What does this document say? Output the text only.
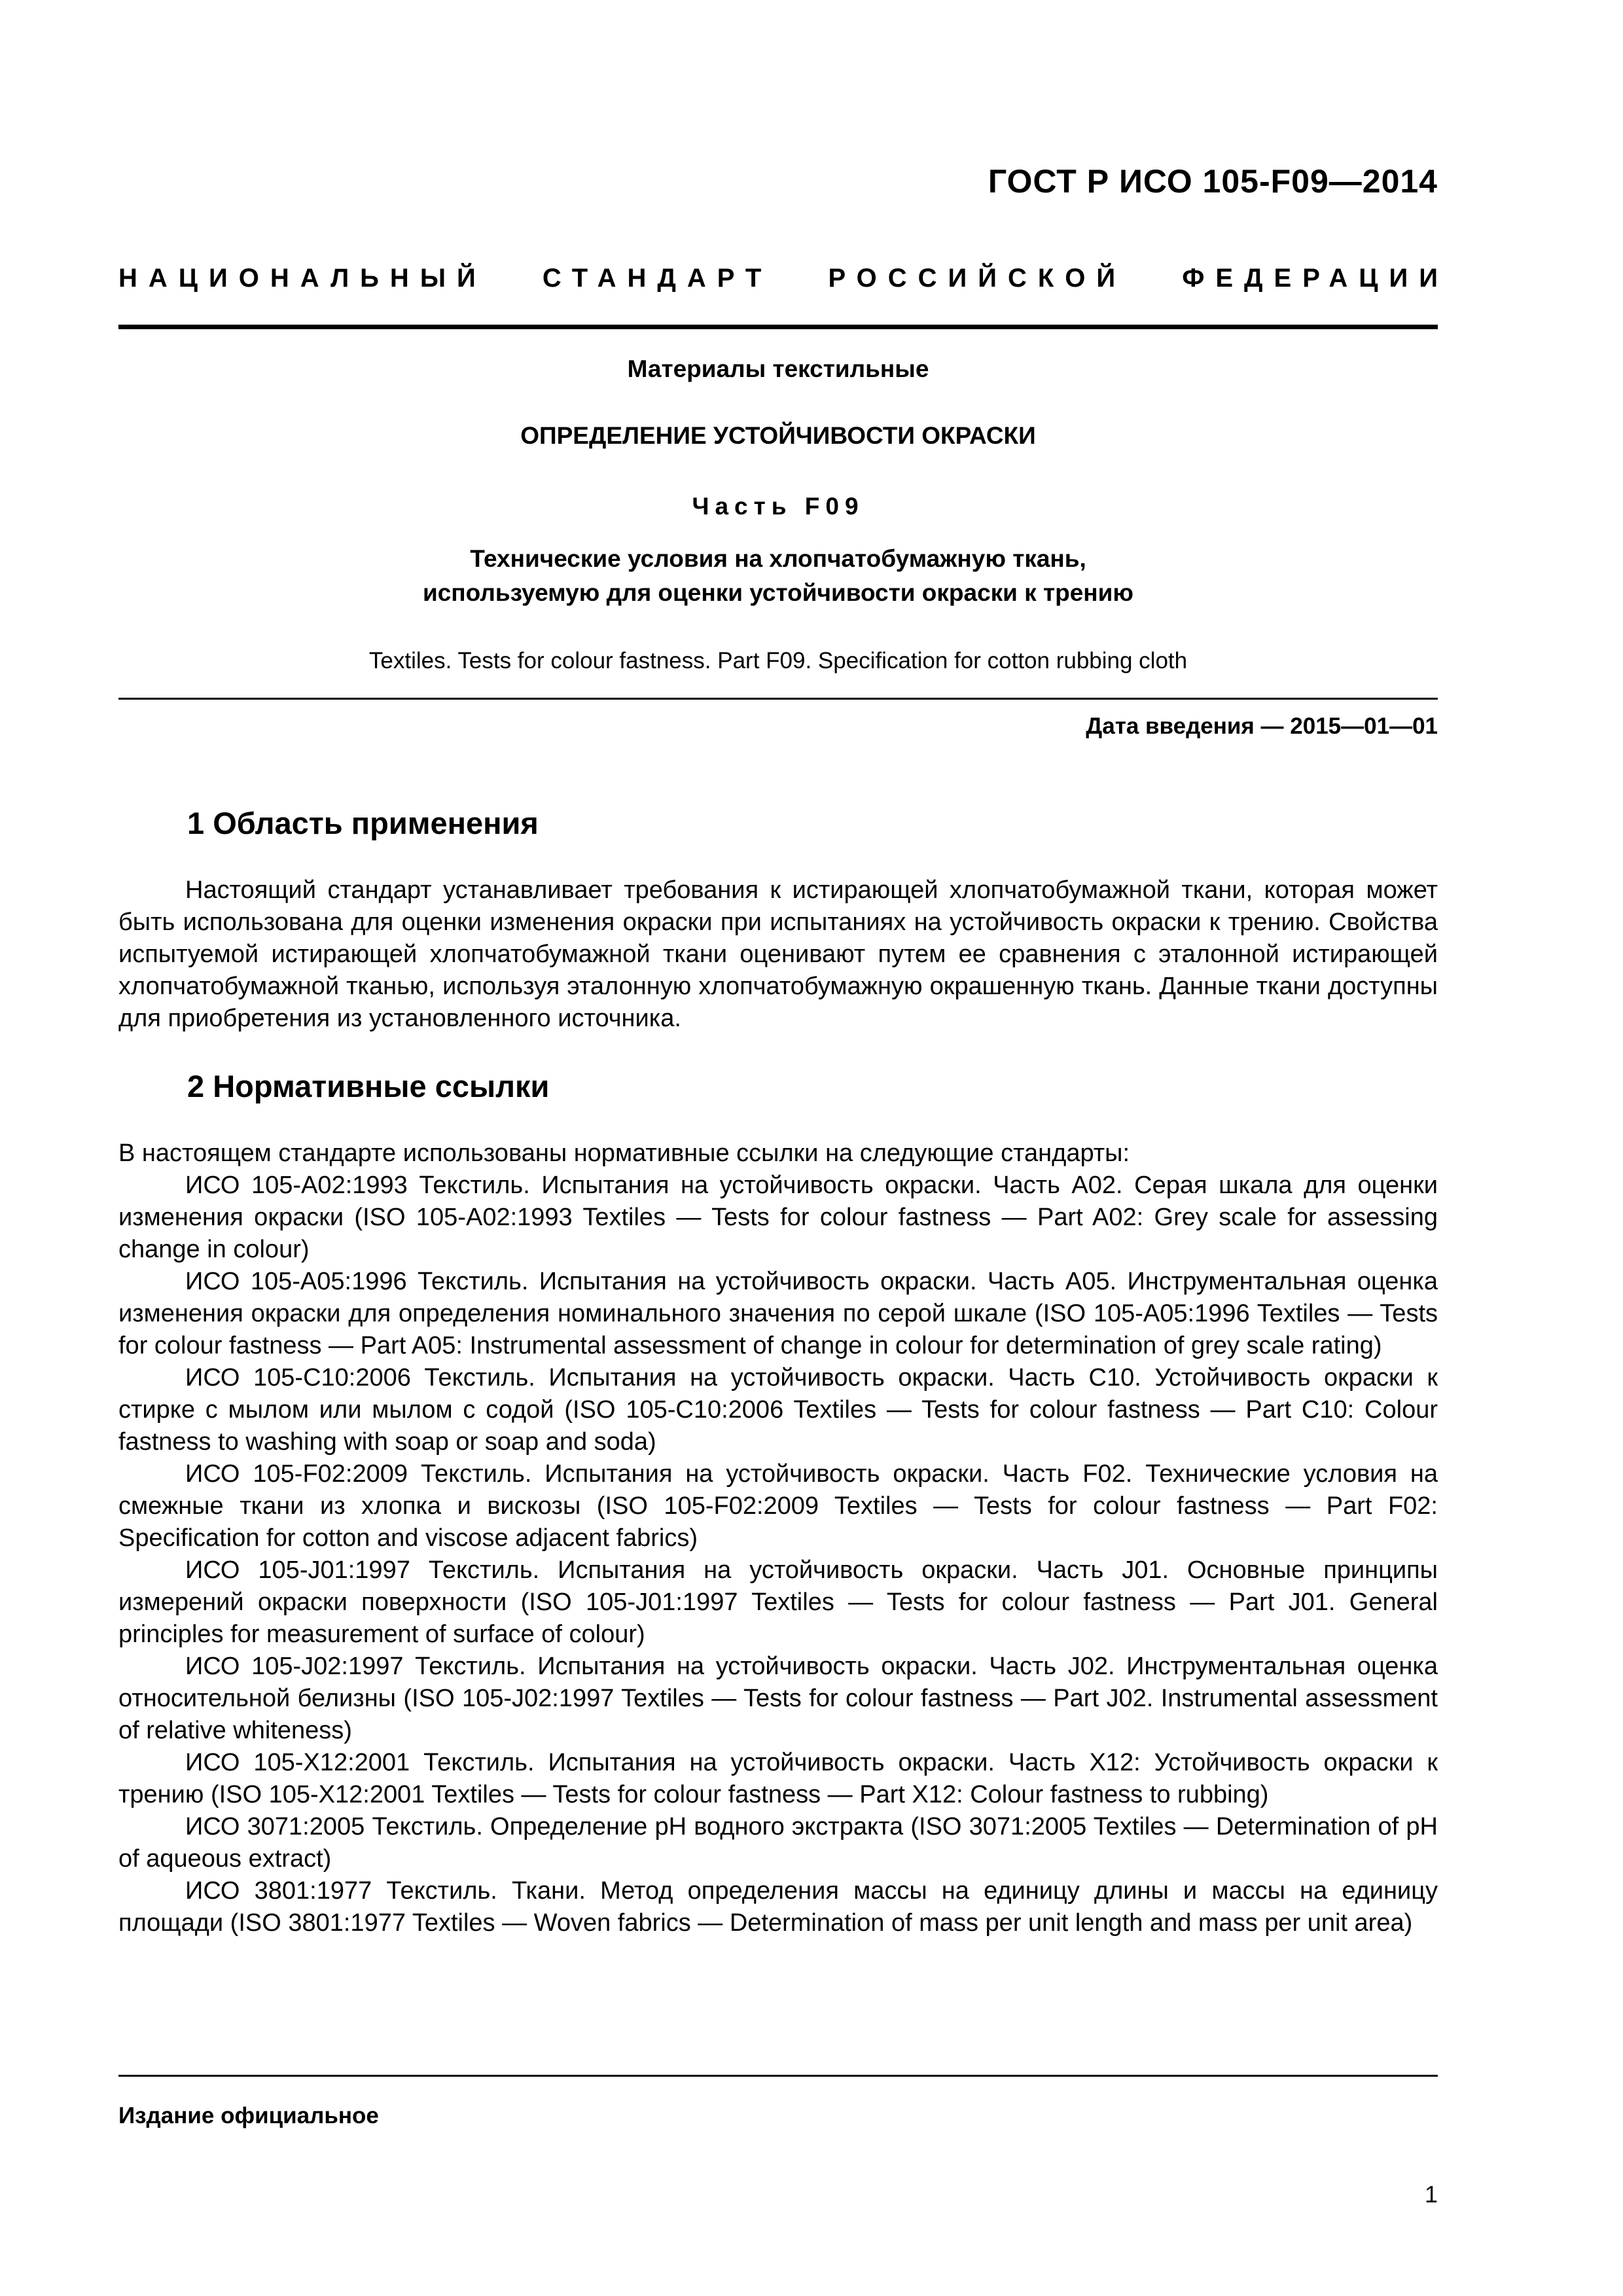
ГОСТ Р ИСО 105-F09—2014
НАЦИОНАЛЬНЫЙ СТАНДАРТ РОССИЙСКОЙ ФЕДЕРАЦИИ
Материалы текстильные
ОПРЕДЕЛЕНИЕ УСТОЙЧИВОСТИ ОКРАСКИ
Часть F09
Технические условия на хлопчатобумажную ткань,
используемую для оценки устойчивости окраски к трению
Textiles. Tests for colour fastness. Part F09. Specification for cotton rubbing cloth
Дата введения — 2015—01—01
1 Область применения

Настоящий стандарт устанавливает требования к истирающей хлопчатобумажной ткани, которая может быть использована для оценки изменения окраски при испытаниях на устойчивость окраски к трению. Свойства испытуемой истирающей хлопчатобумажной ткани оценивают путем ее сравнения с эталонной истирающей хлопчатобумажной тканью, используя эталонную хлопчатобумажную окрашенную ткань. Данные ткани доступны для приобретения из установленного источника.

2 Нормативные ссылки

В настоящем стандарте использованы нормативные ссылки на следующие стандарты:

ИСО 105-A02:1993 Текстиль. Испытания на устойчивость окраски. Часть A02. Серая шкала для оценки изменения окраски (ISO 105-A02:1993 Textiles — Tests for colour fastness — Part A02: Grey scale for assessing change in colour)

ИСО 105-A05:1996 Текстиль. Испытания на устойчивость окраски. Часть A05. Инструментальная оценка изменения окраски для определения номинального значения по серой шкале (ISO 105-A05:1996 Textiles — Tests for colour fastness — Part A05: Instrumental assessment of change in colour for determination of grey scale rating)

ИСО 105-C10:2006 Текстиль. Испытания на устойчивость окраски. Часть C10. Устойчивость окраски к стирке с мылом или мылом с содой (ISO 105-C10:2006 Textiles — Tests for colour fastness — Part C10: Colour fastness to washing with soap or soap and soda)

ИСО 105-F02:2009 Текстиль. Испытания на устойчивость окраски. Часть F02. Технические условия на смежные ткани из хлопка и вискозы (ISO 105-F02:2009 Textiles — Tests for colour fastness — Part F02: Specification for cotton and viscose adjacent fabrics)

ИСО 105-J01:1997 Текстиль. Испытания на устойчивость окраски. Часть J01. Основные принципы измерений окраски поверхности (ISO 105-J01:1997 Textiles — Tests for colour fastness — Part J01. General principles for measurement of surface of colour)

ИСО 105-J02:1997 Текстиль. Испытания на устойчивость окраски. Часть J02. Инструментальная оценка относительной белизны (ISO 105-J02:1997 Textiles — Tests for colour fastness — Part J02. Instrumental assessment of relative whiteness)

ИСО 105-X12:2001 Текстиль. Испытания на устойчивость окраски. Часть X12: Устойчивость окраски к трению (ISO 105-X12:2001 Textiles — Tests for colour fastness — Part X12: Colour fastness to rubbing)

ИСО 3071:2005 Текстиль. Определение pH водного экстракта (ISO 3071:2005 Textiles — Determination of pH of aqueous extract)

ИСО 3801:1977 Текстиль. Ткани. Метод определения массы на единицу длины и массы на единицу площади (ISO 3801:1977 Textiles — Woven fabrics — Determination of mass per unit length and mass per unit area)

Издание официальное
1
